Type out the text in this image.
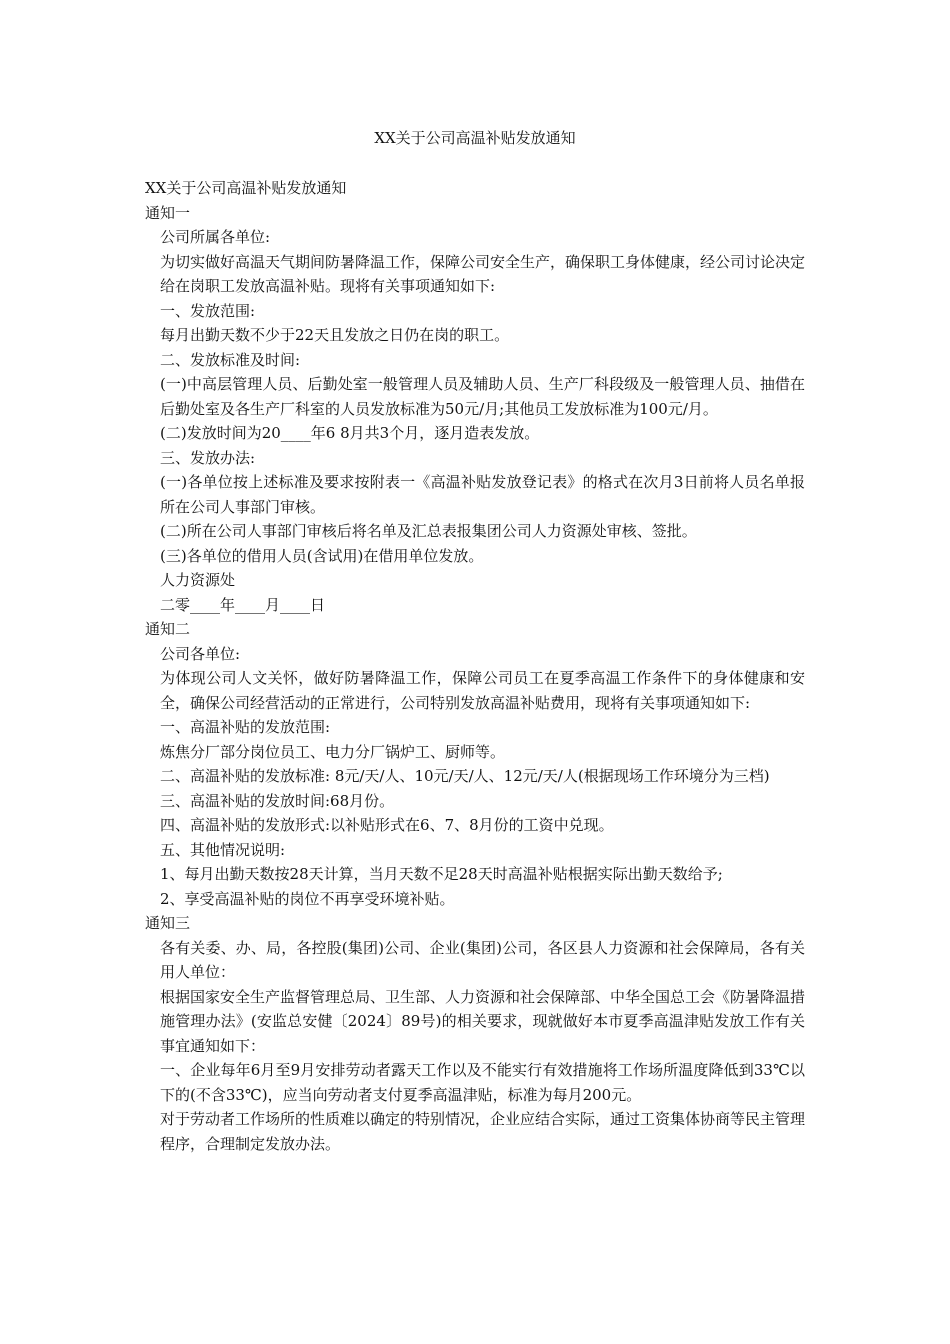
XX关于公司高温补贴发放通知

XX关于公司高温补贴发放通知

通知一

公司所属各单位:

为切实做好高温天气期间防暑降温工作，保障公司安全生产，确保职工身体健康，经公司讨论决定给在岗职工发放高温补贴。现将有关事项通知如下:

一、发放范围:

每月出勤天数不少于22天且发放之日仍在岗的职工。

二、发放标准及时间:

(一)中高层管理人员、后勤处室一般管理人员及辅助人员、生产厂科段级及一般管理人员、抽借在后勤处室及各生产厂科室的人员发放标准为50元/月;其他员工发放标准为100元/月。

(二)发放时间为20____年6 8月共3个月，逐月造表发放。

三、发放办法:

(一)各单位按上述标准及要求按附表一《高温补贴发放登记表》的格式在次月3日前将人员名单报所在公司人事部门审核。

(二)所在公司人事部门审核后将名单及汇总表报集团公司人力资源处审核、签批。

(三)各单位的借用人员(含试用)在借用单位发放。

人力资源处

二零____年____月____日

通知二

公司各单位:

为体现公司人文关怀，做好防暑降温工作，保障公司员工在夏季高温工作条件下的身体健康和安全，确保公司经营活动的正常进行，公司特别发放高温补贴费用，现将有关事项通知如下:

一、高温补贴的发放范围:

炼焦分厂部分岗位员工、电力分厂锅炉工、厨师等。

二、高温补贴的发放标准: 8元/天/人、10元/天/人、12元/天/人(根据现场工作环境分为三档)

三、高温补贴的发放时间:68月份。

四、高温补贴的发放形式:以补贴形式在6、7、8月份的工资中兑现。

五、其他情况说明:

1、每月出勤天数按28天计算，当月天数不足28天时高温补贴根据实际出勤天数给予;

2、享受高温补贴的岗位不再享受环境补贴。

通知三

各有关委、办、局，各控股(集团)公司、企业(集团)公司，各区县人力资源和社会保障局，各有关用人单位：

根据国家安全生产监督管理总局、卫生部、人力资源和社会保障部、中华全国总工会《防暑降温措施管理办法》(安监总安健〔2024〕89号)的相关要求，现就做好本市夏季高温津贴发放工作有关事宜通知如下：

一、企业每年6月至9月安排劳动者露天工作以及不能实行有效措施将工作场所温度降低到33℃以下的(不含33℃)，应当向劳动者支付夏季高温津贴，标准为每月200元。

对于劳动者工作场所的性质难以确定的特别情况，企业应结合实际，通过工资集体协商等民主管理程序，合理制定发放办法。
